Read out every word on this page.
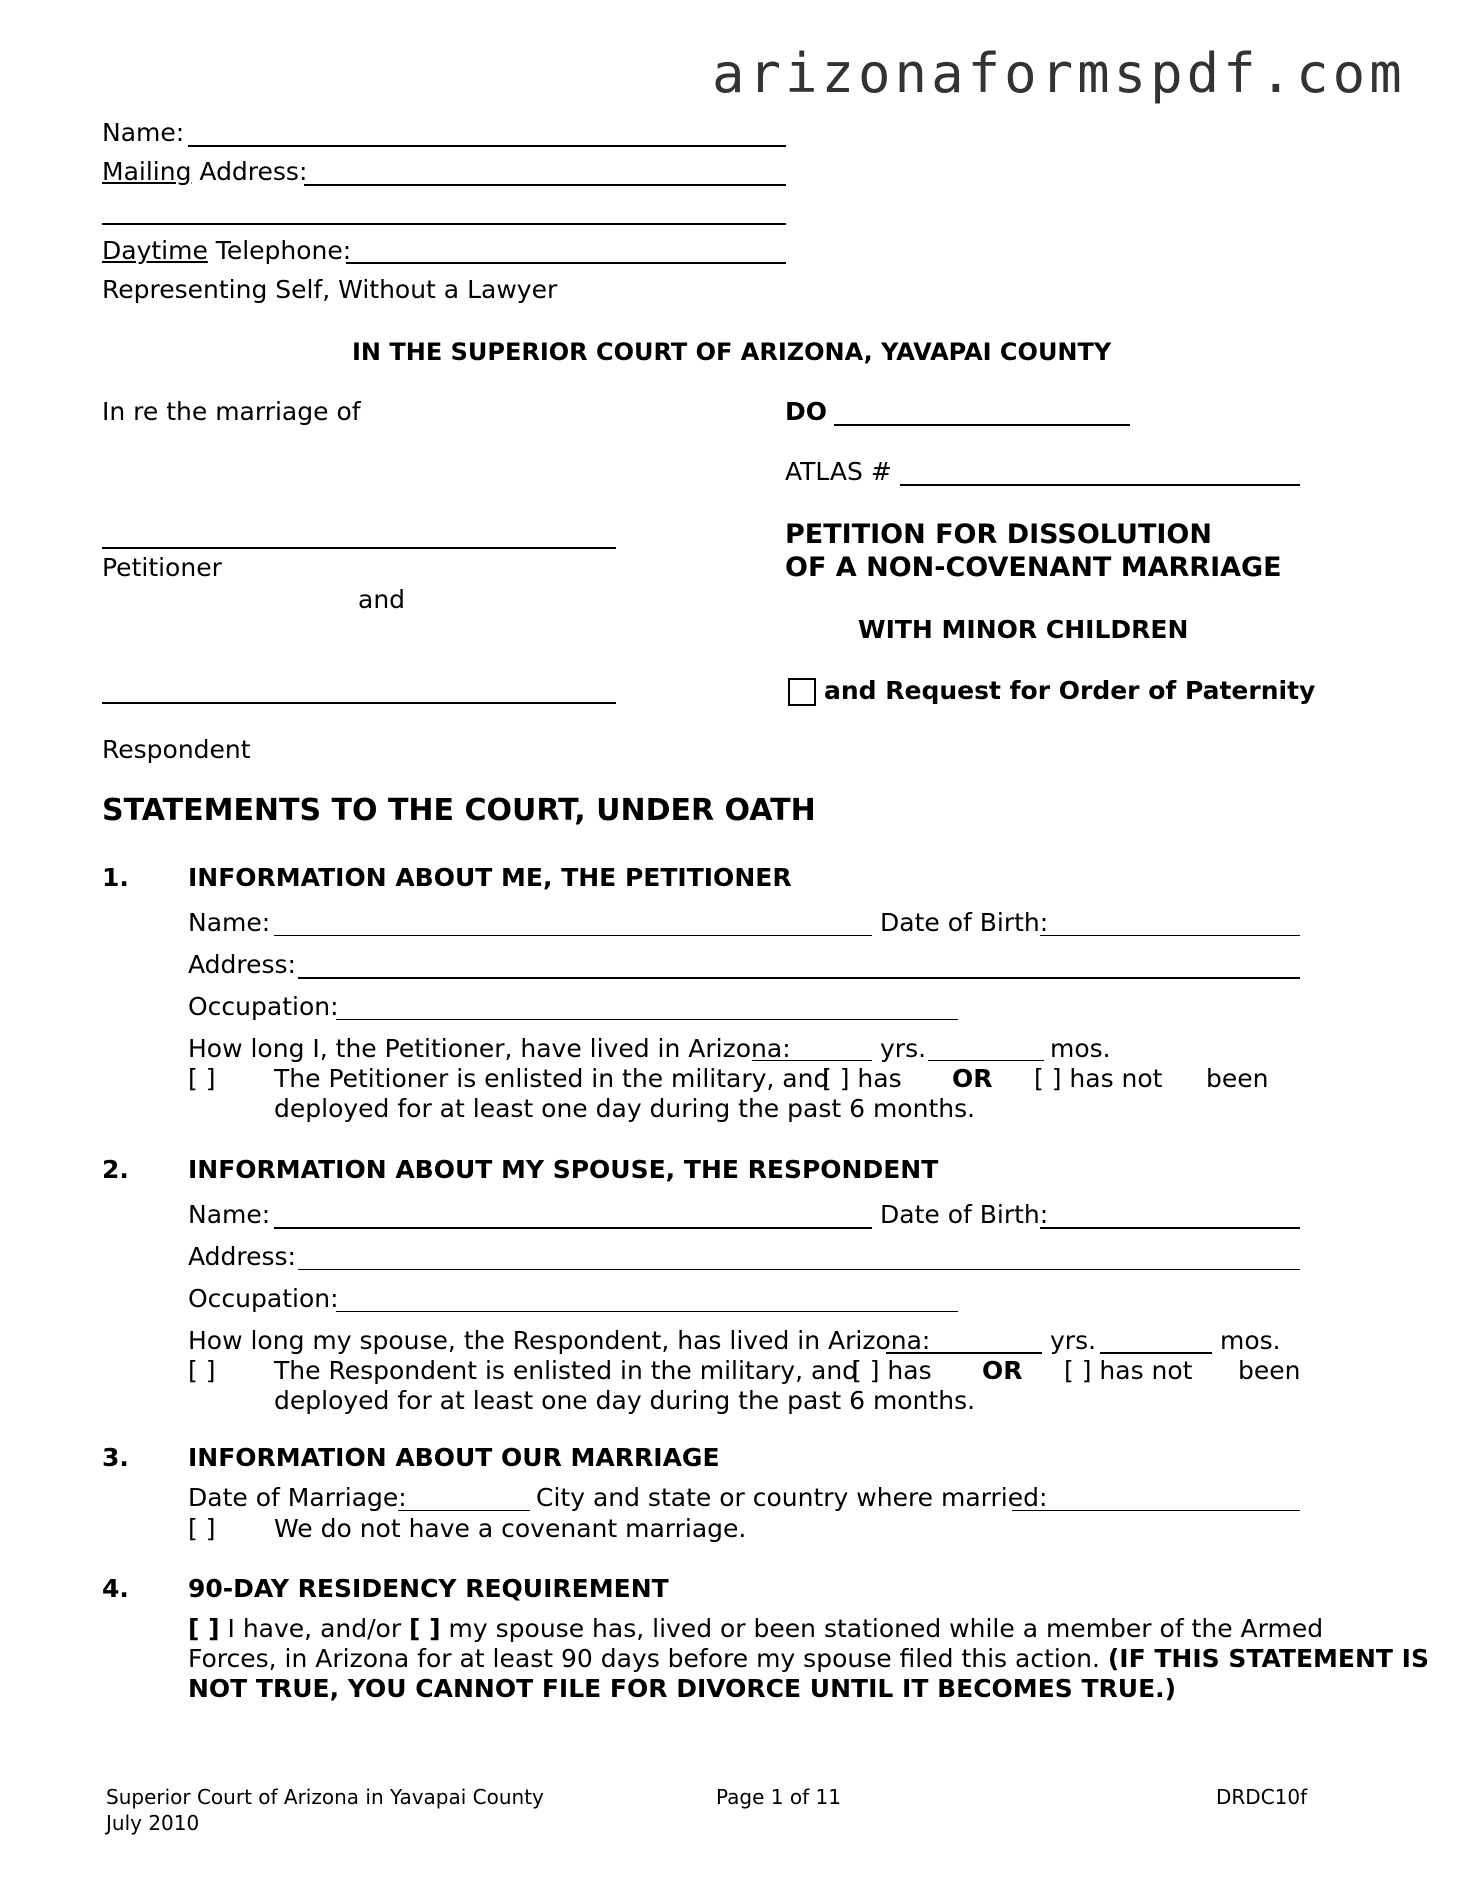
arizonaformspdf.com
Name:
Mailing Address:
Daytime Telephone:
Representing Self, Without a Lawyer
IN THE SUPERIOR COURT OF ARIZONA, YAVAPAI COUNTY
In re the marriage of	DO
ATLAS #
Petitioner
and
PETITION FOR DISSOLUTION
OF A NON-COVENANT MARRIAGE
WITH MINOR CHILDREN
and Request for Order of Paternity
Respondent
STATEMENTS TO THE COURT, UNDER OATH
1. INFORMATION ABOUT ME, THE PETITIONER
Name:	Date of Birth:
Address:
Occupation:
How long I, the Petitioner, have lived in Arizona:	yrs.	mos.
[ ] The Petitioner is enlisted in the military, and
[ ] has OR [ ] has not been
deployed for at least one day during the past 6 months.
2. INFORMATION ABOUT MY SPOUSE, THE RESPONDENT
Name:	Date of Birth:
Address:
Occupation:
How long my spouse, the Respondent, has lived in Arizona:	yrs.	mos.
[ ] The Respondent is enlisted in the military, and
[ ] has OR [ ] has not been
deployed for at least one day during the past 6 months.
3. INFORMATION ABOUT OUR MARRIAGE
Date of Marriage:	City and state or country where married:
[ ] We do not have a covenant marriage.
4. 90-DAY RESIDENCY REQUIREMENT
[ ] I have, and/or [ ] my spouse has, lived or been stationed while a member of the Armed
Forces, in Arizona for at least 90 days before my spouse filed this action. (IF THIS STATEMENT IS
NOT TRUE, YOU CANNOT FILE FOR DIVORCE UNTIL IT BECOMES TRUE.)
Superior Court of Arizona in Yavapai County
July 2010
Page 1 of 11	DRDC10f
